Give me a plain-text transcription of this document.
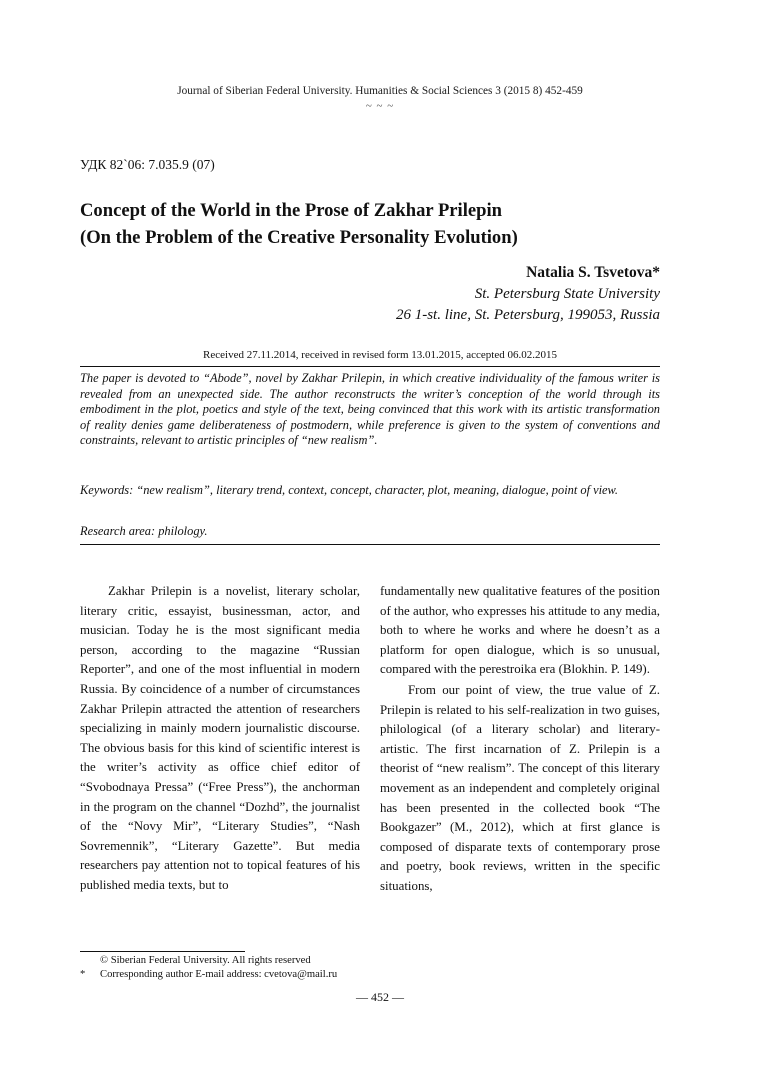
Journal of Siberian Federal University. Humanities & Social Sciences 3 (2015 8) 452-459
~ ~ ~
УДК 82`06: 7.035.9 (07)
Concept of the World in the Prose of Zakhar Prilepin
(On the Problem of the Creative Personality Evolution)
Natalia S. Tsvetova*
St. Petersburg State University
26 1-st. line, St. Petersburg, 199053, Russia
Received 27.11.2014, received in revised form 13.01.2015, accepted 06.02.2015
The paper is devoted to “Abode”, novel by Zakhar Prilepin, in which creative individuality of the famous writer is revealed from an unexpected side. The author reconstructs the writer’s conception of the world through its embodiment in the plot, poetics and style of the text, being convinced that this work with its artistic transformation of reality denies game deliberateness of postmodern, while preference is given to the system of conventions and constraints, relevant to artistic principles of “new realism”.
Keywords: “new realism”, literary trend, context, concept, character, plot, meaning, dialogue, point of view.
Research area: philology.

Zakhar Prilepin is a novelist, literary scholar, literary critic, essayist, businessman, actor, and musician. Today he is the most significant media person, according to the magazine “Russian Reporter”, and one of the most influential in modern Russia. By coincidence of a number of circumstances Zakhar Prilepin attracted the attention of researchers specializing in mainly modern journalistic discourse. The obvious basis for this kind of scientific interest is the writer’s activity as office chief editor of “Svobodnaya Pressa” (“Free Press”), the anchorman in the program on the channel “Dozhd”, the journalist of the “Novy Mir”, “Literary Studies”, “Nash Sovremennik”, “Literary Gazette”. But media researchers pay attention not to topical features of his published media texts, but to

fundamentally new qualitative features of the position of the author, who expresses his attitude to any media, both to where he works and where he doesn’t as a platform for open dialogue, which is so unusual, compared with the perestroika era (Blokhin. P. 149).

From our point of view, the true value of Z. Prilepin is related to his self-realization in two guises, philological (of a literary scholar) and literary- artistic. The first incarnation of Z. Prilepin is a theorist of “new realism”. The concept of this literary movement as an independent and completely original has been presented in the collected book “The Bookgazer” (M., 2012), which at first glance is composed of disparate texts of contemporary prose and poetry, book reviews, written in the specific situations,

© Siberian Federal University. All rights reserved
*	Corresponding author E-mail address: cvetova@mail.ru
— 452 —
